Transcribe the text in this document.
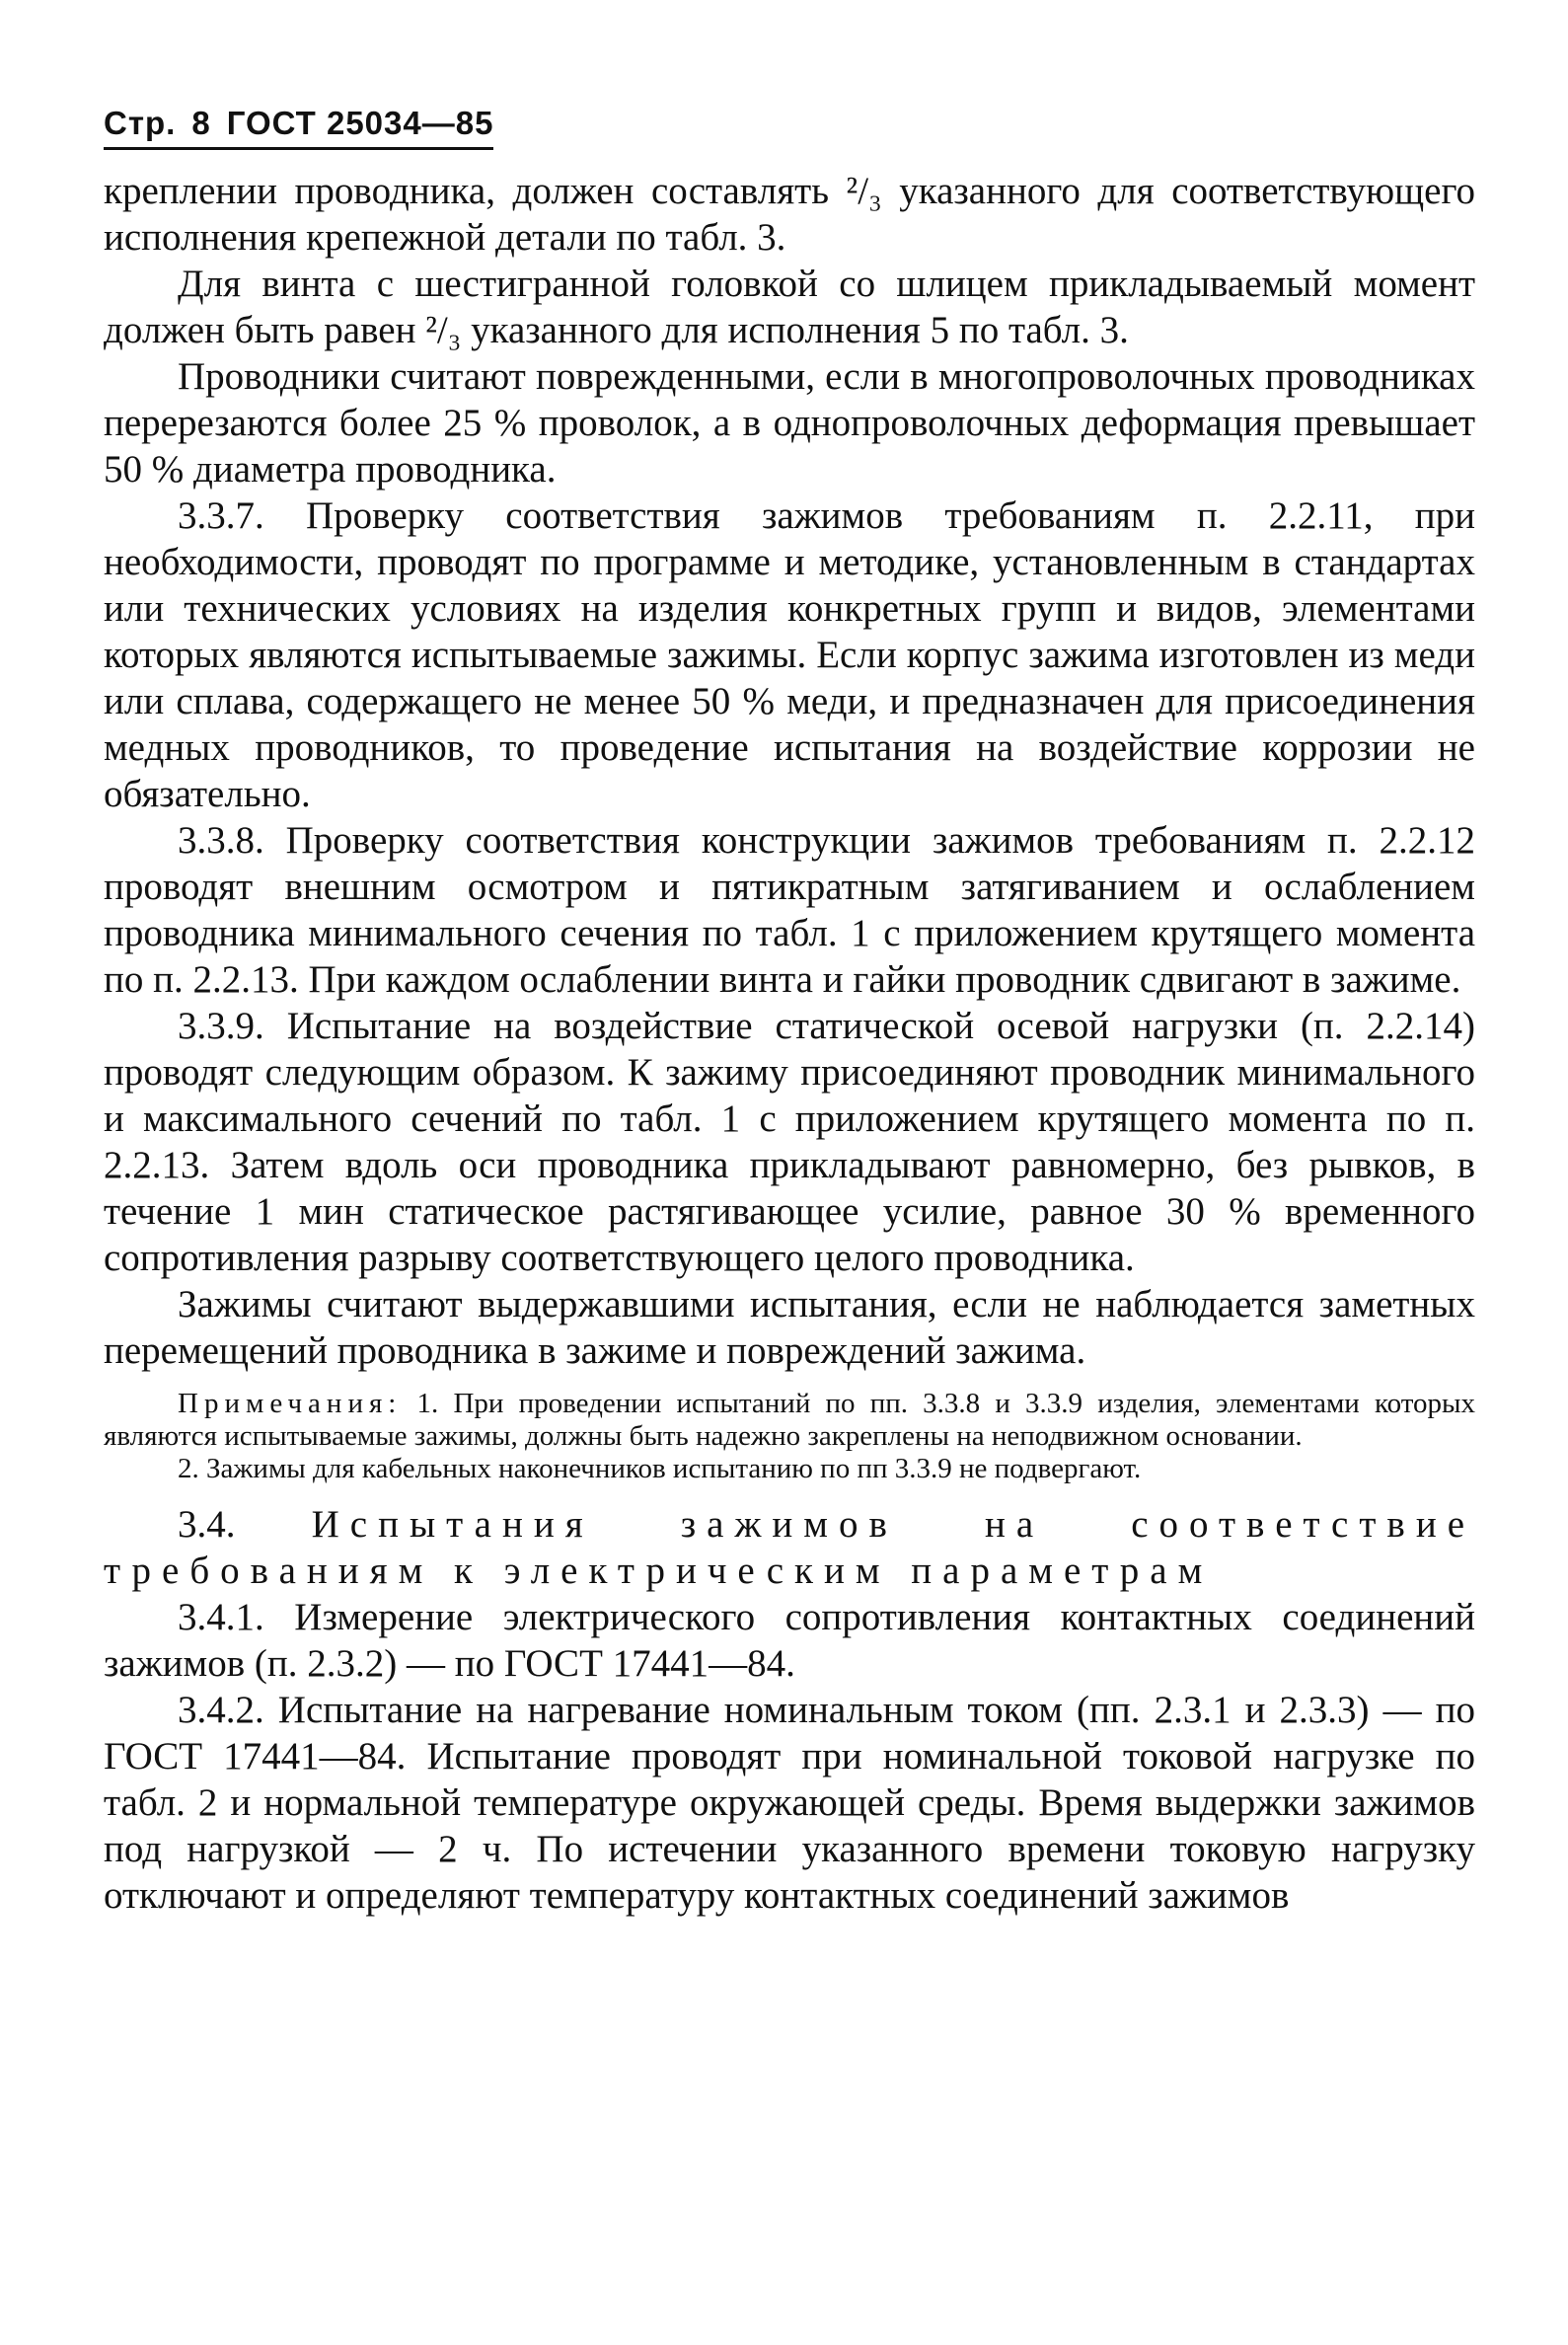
Стр. 8 ГОСТ 25034—85

креплении проводника, должен составлять ²/₃ указанного для соответствующего исполнения крепежной детали по табл. 3.

Для винта с шестигранной головкой со шлицем прикладываемый момент должен быть равен ²/₃ указанного для исполнения 5 по табл. 3.

Проводники считают поврежденными, если в многопроволочных проводниках перерезаются более 25 % проволок, а в однопроволочных деформация превышает 50 % диаметра проводника.

3.3.7. Проверку соответствия зажимов требованиям п. 2.2.11, при необходимости, проводят по программе и методике, установленным в стандартах или технических условиях на изделия конкретных групп и видов, элементами которых являются испытываемые зажимы. Если корпус зажима изготовлен из меди или сплава, содержащего не менее 50 % меди, и предназначен для присоединения медных проводников, то проведение испытания на воздействие коррозии не обязательно.

3.3.8. Проверку соответствия конструкции зажимов требованиям п. 2.2.12 проводят внешним осмотром и пятикратным затягиванием и ослаблением проводника минимального сечения по табл. 1 с приложением крутящего момента по п. 2.2.13. При каждом ослаблении винта и гайки проводник сдвигают в зажиме.

3.3.9. Испытание на воздействие статической осевой нагрузки (п. 2.2.14) проводят следующим образом. К зажиму присоединяют проводник минимального и максимального сечений по табл. 1 с приложением крутящего момента по п. 2.2.13. Затем вдоль оси проводника прикладывают равномерно, без рывков, в течение 1 мин статическое растягивающее усилие, равное 30 % временного сопротивления разрыву соответствующего целого проводника.

Зажимы считают выдержавшими испытания, если не наблюдается заметных перемещений проводника в зажиме и повреждений зажима.

Примечания: 1. При проведении испытаний по пп. 3.3.8 и 3.3.9 изделия, элементами которых являются испытываемые зажимы, должны быть надежно закреплены на неподвижном основании.

2. Зажимы для кабельных наконечников испытанию по пп 3.3.9 не подвергают.

3.4. Испытания зажимов на соответствие требованиям к электрическим параметрам

3.4.1. Измерение электрического сопротивления контактных соединений зажимов (п. 2.3.2) — по ГОСТ 17441—84.

3.4.2. Испытание на нагревание номинальным током (пп. 2.3.1 и 2.3.3) — по ГОСТ 17441—84. Испытание проводят при номинальной токовой нагрузке по табл. 2 и нормальной температуре окружающей среды. Время выдержки зажимов под нагрузкой — 2 ч. По истечении указанного времени токовую нагрузку отключают и определяют температуру контактных соединений зажимов
